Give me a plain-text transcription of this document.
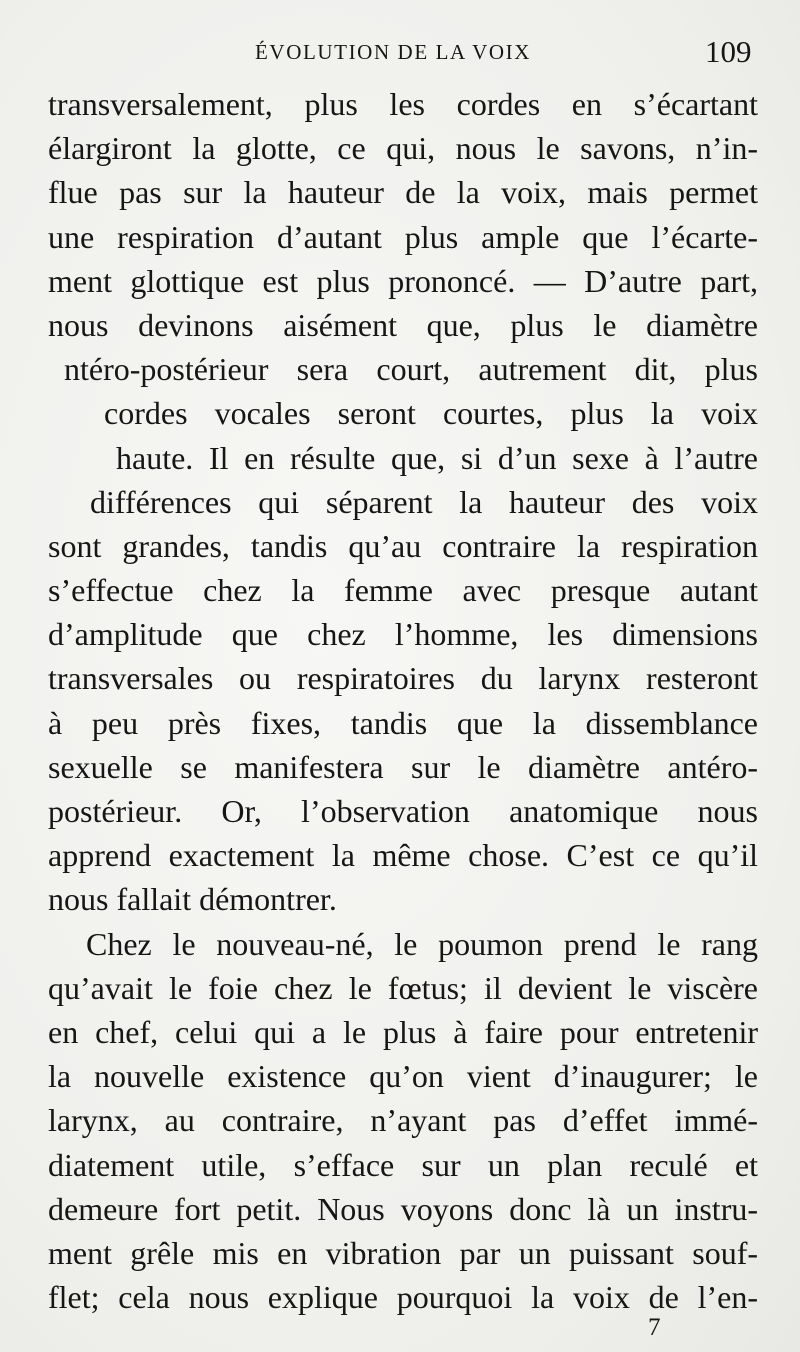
ÉVOLUTION DE LA VOIX	109
transversalement, plus les cordes en s’écartant
élargiront la glotte, ce qui, nous le savons, n’in-
flue pas sur la hauteur de la voix, mais permet
une respiration d’autant plus ample que l’écarte-
ment glottique est plus prononcé. — D’autre part,
nous devinons aisément que, plus le diamètre
ntéro-postérieur sera court, autrement dit, plus
cordes vocales seront courtes, plus la voix
haute. Il en résulte que, si d’un sexe à l’autre
différences qui séparent la hauteur des voix
sont grandes, tandis qu’au contraire la respiration
s’effectue chez la femme avec presque autant
d’amplitude que chez l’homme, les dimensions
transversales ou respiratoires du larynx resteront
à peu près fixes, tandis que la dissemblance
sexuelle se manifestera sur le diamètre antéro-
postérieur. Or, l’observation anatomique nous
apprend exactement la même chose. C’est ce qu’il
nous fallait démontrer.
Chez le nouveau-né, le poumon prend le rang
qu’avait le foie chez le fœtus; il devient le viscère
en chef, celui qui a le plus à faire pour entretenir
la nouvelle existence qu’on vient d’inaugurer; le
larynx, au contraire, n’ayant pas d’effet immé-
diatement utile, s’efface sur un plan reculé et
demeure fort petit. Nous voyons donc là un instru-
ment grêle mis en vibration par un puissant souf-
flet; cela nous explique pourquoi la voix de l’en-
7
